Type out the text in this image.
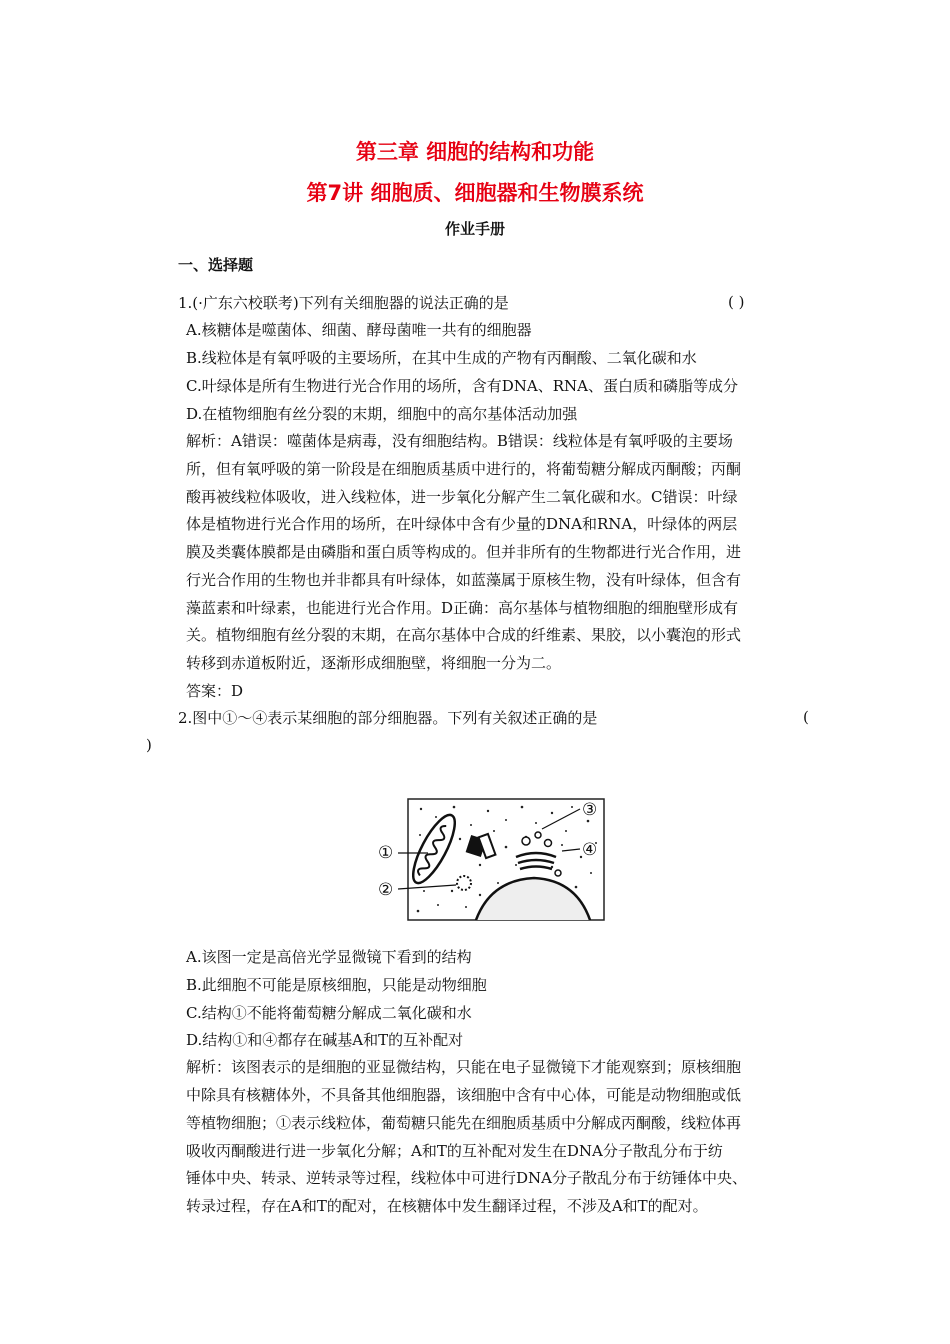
第三章 细胞的结构和功能
第7讲 细胞质、细胞器和生物膜系统
作业手册
一、选择题
1.(·广东六校联考)下列有关细胞器的说法正确的是	( )
A.核糖体是噬菌体、细菌、酵母菌唯一共有的细胞器
B.线粒体是有氧呼吸的主要场所，在其中生成的产物有丙酮酸、二氧化碳和水
C.叶绿体是所有生物进行光合作用的场所，含有DNA、RNA、蛋白质和磷脂等成分
D.在植物细胞有丝分裂的末期，细胞中的高尔基体活动加强
解析：A错误：噬菌体是病毒，没有细胞结构。B错误：线粒体是有氧呼吸的主要场
所，但有氧呼吸的第一阶段是在细胞质基质中进行的，将葡萄糖分解成丙酮酸；丙酮
酸再被线粒体吸收，进入线粒体，进一步氧化分解产生二氧化碳和水。C错误：叶绿
体是植物进行光合作用的场所，在叶绿体中含有少量的DNA和RNA，叶绿体的两层
膜及类囊体膜都是由磷脂和蛋白质等构成的。但并非所有的生物都进行光合作用，进
行光合作用的生物也并非都具有叶绿体，如蓝藻属于原核生物，没有叶绿体，但含有
藻蓝素和叶绿素，也能进行光合作用。D正确：高尔基体与植物细胞的细胞壁形成有
关。植物细胞有丝分裂的末期，在高尔基体中合成的纤维素、果胶，以小囊泡的形式
转移到赤道板附近，逐渐形成细胞壁，将细胞一分为二。
答案：D
2.图中①～④表示某细胞的部分细胞器。下列有关叙述正确的是	(
)
①
②
③
④
A.该图一定是高倍光学显微镜下看到的结构
B.此细胞不可能是原核细胞，只能是动物细胞
C.结构①不能将葡萄糖分解成二氧化碳和水
D.结构①和④都存在碱基A和T的互补配对
解析：该图表示的是细胞的亚显微结构，只能在电子显微镜下才能观察到；原核细胞
中除具有核糖体外，不具备其他细胞器，该细胞中含有中心体，可能是动物细胞或低
等植物细胞；①表示线粒体，葡萄糖只能先在细胞质基质中分解成丙酮酸，线粒体再
吸收丙酮酸进行进一步氧化分解；A和T的互补配对发生在DNA分子散乱分布于纺
锤体中央、转录、逆转录等过程，线粒体中可进行DNA分子散乱分布于纺锤体中央、
转录过程，存在A和T的配对，在核糖体中发生翻译过程，不涉及A和T的配对。
